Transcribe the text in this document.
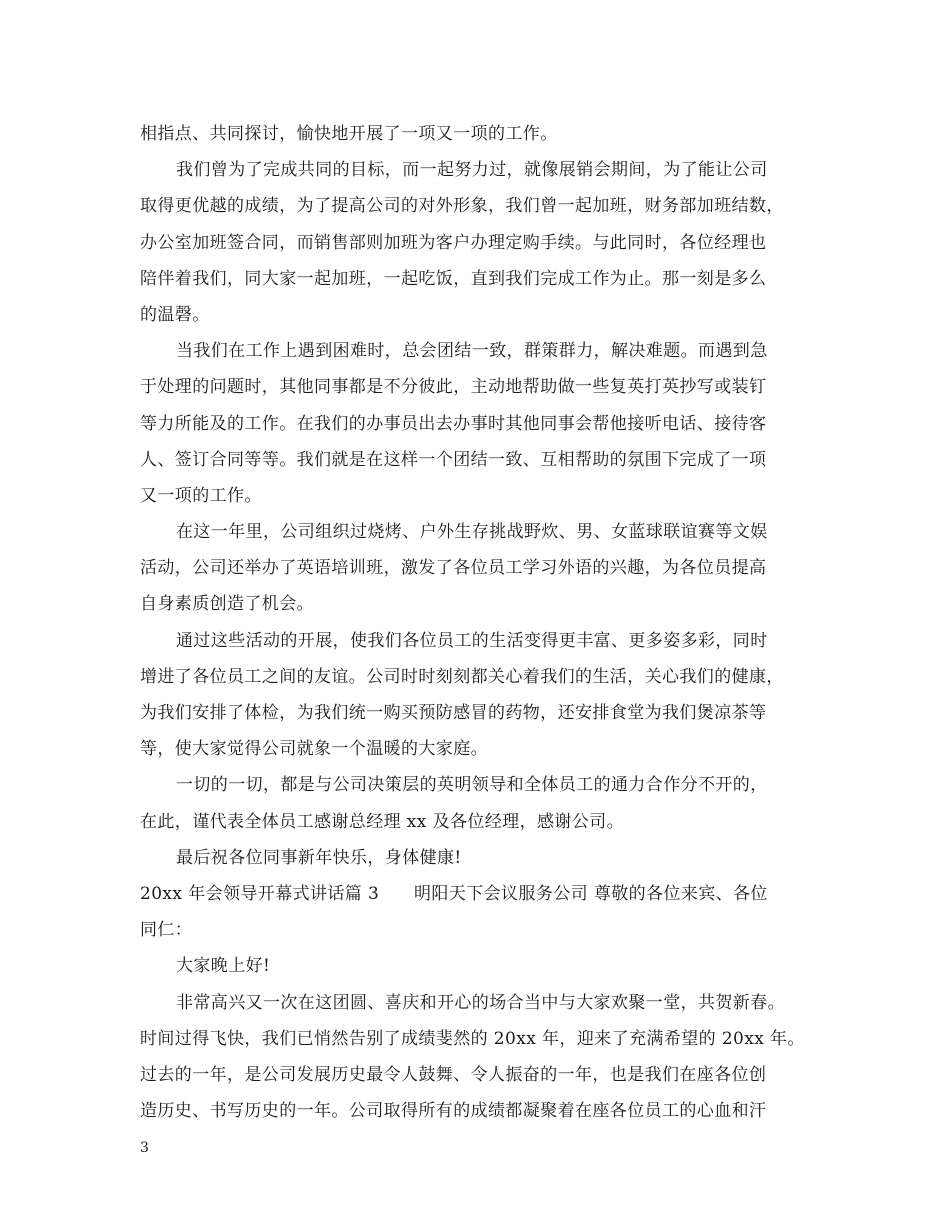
相指点、共同探讨，愉快地开展了一项又一项的工作。
我们曾为了完成共同的目标，而一起努力过，就像展销会期间，为了能让公司
取得更优越的成绩，为了提高公司的对外形象，我们曾一起加班，财务部加班结数，
办公室加班签合同，而销售部则加班为客户办理定购手续。与此同时，各位经理也
陪伴着我们，同大家一起加班，一起吃饭，直到我们完成工作为止。那一刻是多么
的温磬。
当我们在工作上遇到困难时，总会团结一致，群策群力，解决难题。而遇到急
于处理的问题时，其他同事都是不分彼此，主动地帮助做一些复英打英抄写或装钉
等力所能及的工作。在我们的办事员出去办事时其他同事会帮他接听电话、接待客
人、签订合同等等。我们就是在这样一个团结一致、互相帮助的氛围下完成了一项
又一项的工作。
在这一年里，公司组织过烧烤、户外生存挑战野炊、男、女蓝球联谊赛等文娱
活动，公司还举办了英语培训班，激发了各位员工学习外语的兴趣，为各位员提高
自身素质创造了机会。
通过这些活动的开展，使我们各位员工的生活变得更丰富、更多姿多彩，同时
增进了各位员工之间的友谊。公司时时刻刻都关心着我们的生活，关心我们的健康，
为我们安排了体检，为我们统一购买预防感冒的药物，还安排食堂为我们煲凉茶等
等，使大家觉得公司就象一个温暖的大家庭。
一切的一切，都是与公司决策层的英明领导和全体员工的通力合作分不开的，
在此，谨代表全体员工感谢总经理 xx 及各位经理，感谢公司。
最后祝各位同事新年快乐，身体健康!
20xx 年会领导开幕式讲话篇 3　　明阳天下会议服务公司 尊敬的各位来宾、各位
同仁：
大家晚上好!
非常高兴又一次在这团圆、喜庆和开心的场合当中与大家欢聚一堂，共贺新春。
时间过得飞快，我们已悄然告别了成绩斐然的 20xx 年，迎来了充满希望的 20xx 年。
过去的一年，是公司发展历史最令人鼓舞、令人振奋的一年，也是我们在座各位创
造历史、书写历史的一年。公司取得所有的成绩都凝聚着在座各位员工的心血和汗
3
